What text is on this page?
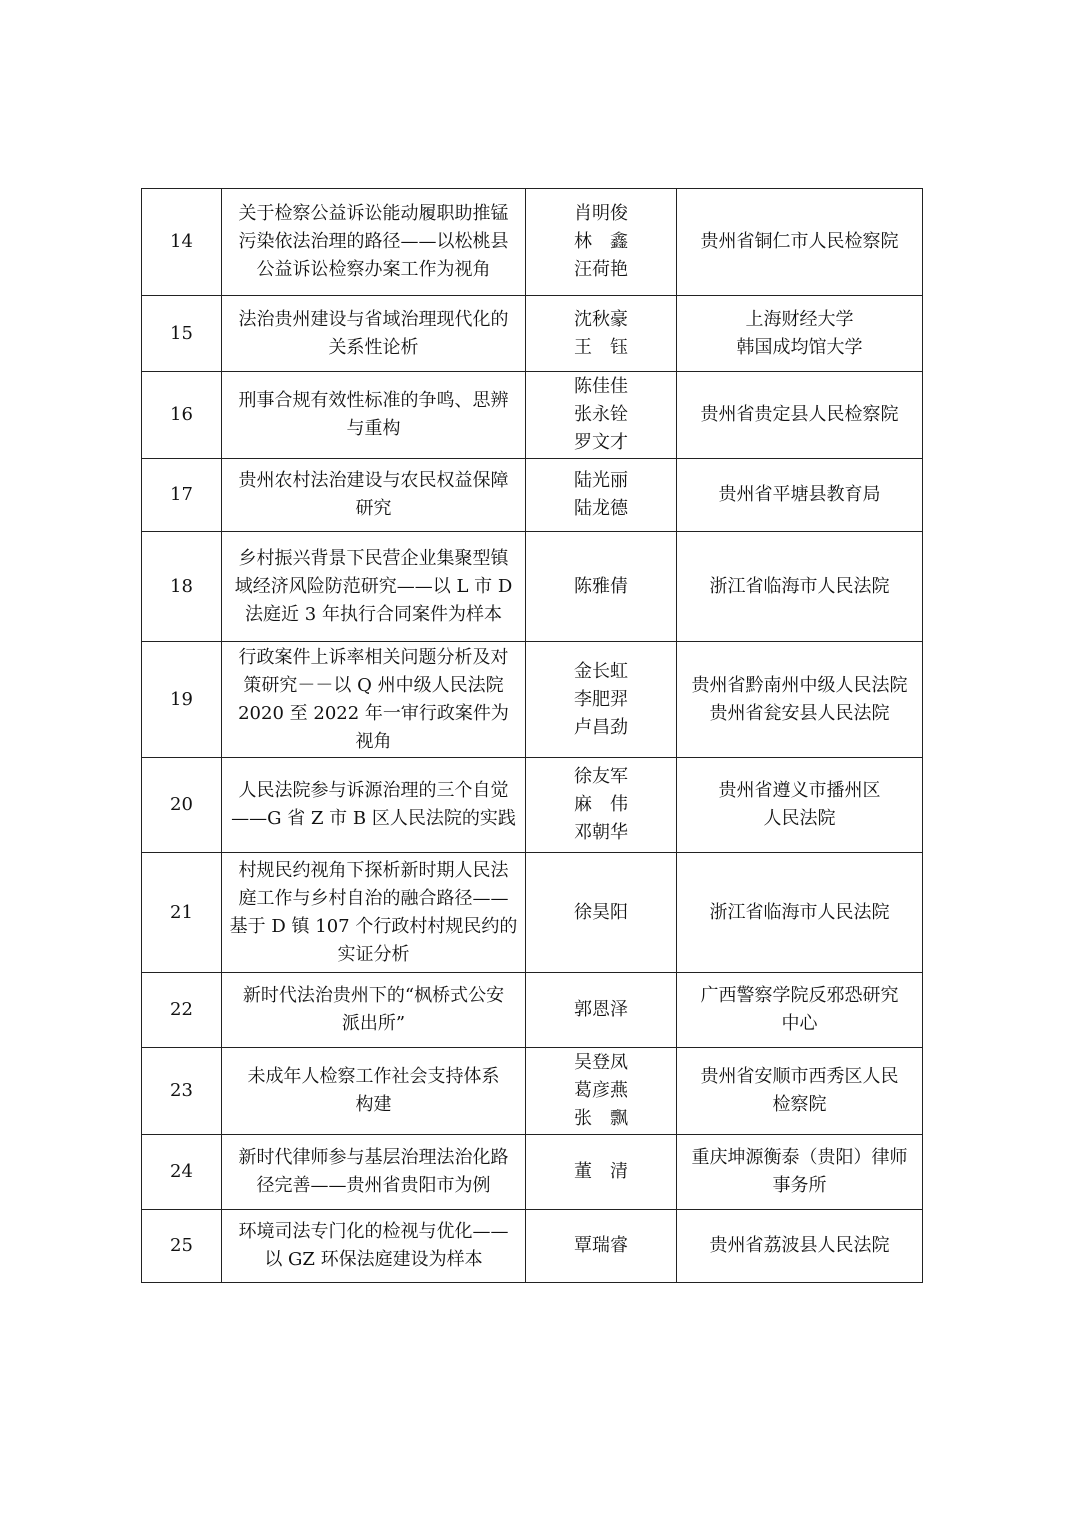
14	关于检察公益诉讼能动履职助推锰
污染依法治理的路径——以松桃县
公益诉讼检察办案工作为视角	肖明俊
林　鑫
汪荷艳	贵州省铜仁市人民检察院

15	法治贵州建设与省域治理现代化的
关系性论析	沈秋豪
王　钰	上海财经大学
韩国成均馆大学

16	刑事合规有效性标准的争鸣、思辨
与重构	陈佳佳
张永铨
罗文才	贵州省贵定县人民检察院

17	贵州农村法治建设与农民权益保障
研究	陆光丽
陆龙德	贵州省平塘县教育局

18	乡村振兴背景下民营企业集聚型镇
域经济风险防范研究——以 L 市 D
法庭近 3 年执行合同案件为样本	陈雅倩	浙江省临海市人民法院

19	行政案件上诉率相关问题分析及对
策研究－－以 Q 州中级人民法院
2020 至 2022 年一审行政案件为
视角	金长虹
李肥羿
卢昌劲	贵州省黔南州中级人民法院
贵州省瓮安县人民法院

20	人民法院参与诉源治理的三个自觉
——G 省 Z 市 B 区人民法院的实践	徐友军
麻　伟
邓朝华	贵州省遵义市播州区
人民法院

21	村规民约视角下探析新时期人民法
庭工作与乡村自治的融合路径——
基于 D 镇 107 个行政村村规民约的
实证分析	徐昊阳	浙江省临海市人民法院

22	新时代法治贵州下的“枫桥式公安
派出所”	郭恩泽	广西警察学院反邪恐研究
中心

23	未成年人检察工作社会支持体系
构建	吴登凤
葛彦燕
张　飘	贵州省安顺市西秀区人民
检察院

24	新时代律师参与基层治理法治化路
径完善——贵州省贵阳市为例	董　清	重庆坤源衡泰（贵阳）律师
事务所

25	环境司法专门化的检视与优化——
以 GZ 环保法庭建设为样本	覃瑞睿	贵州省荔波县人民法院
